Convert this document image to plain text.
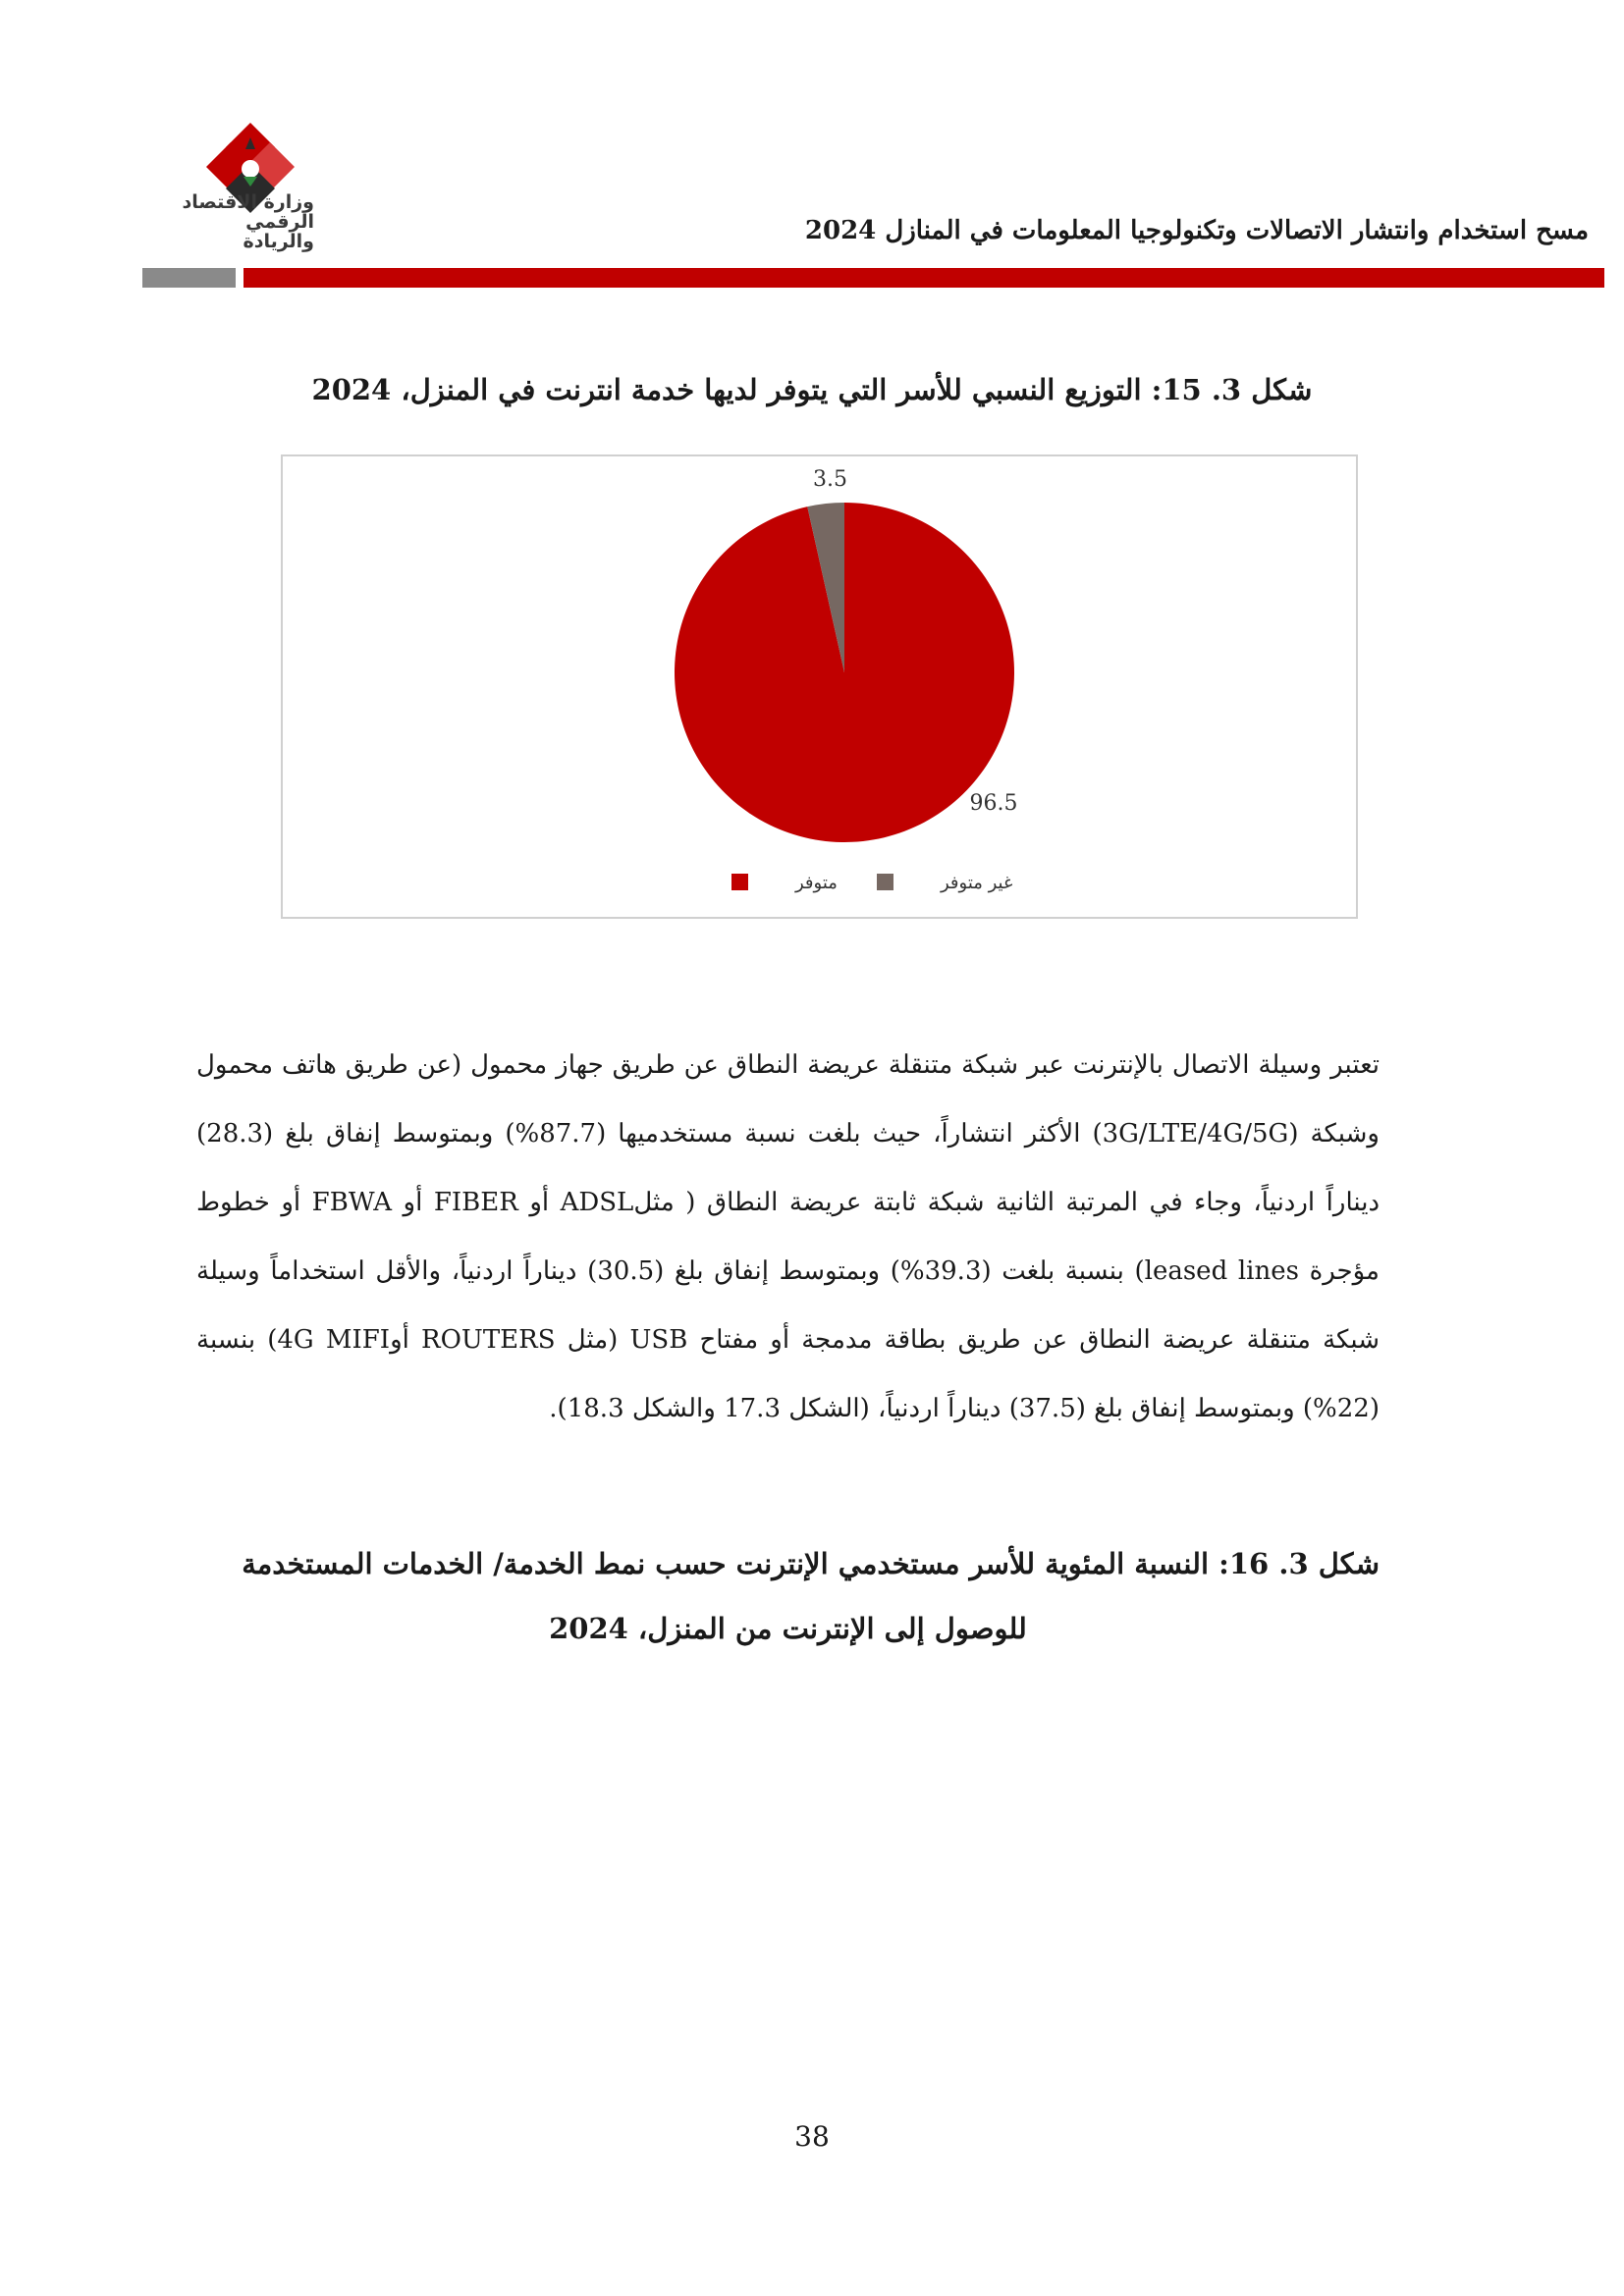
وزارة الاقتصاد
الرقمي والريادة	مسح استخدام وانتشار الاتصالات وتكنولوجيا المعلومات في المنازل 2024
شكل 3. 15: التوزيع النسبي للأسر التي يتوفر لديها خدمة انترنت في المنزل، 2024
96.5
3.5
متوفر	غير متوفر
تعتبر وسيلة الاتصال بالإنترنت عبر شبكة متنقلة عريضة النطاق عن طريق جهاز محمول (عن طريق هاتف محمول وشبكة (3G/LTE/4G/5G) الأكثر انتشاراً، حيث بلغت نسبة مستخدميها (87.7%) وبمتوسط إنفاق بلغ (28.3) ديناراً اردنياً، وجاء في المرتبة الثانية شبكة ثابتة عريضة النطاق ( مثلADSL أو FIBER أو FBWA أو خطوط مؤجرة leased lines) بنسبة بلغت (39.3%) وبمتوسط إنفاق بلغ (30.5) ديناراً اردنياً، والأقل استخداماً وسيلة شبكة متنقلة عريضة النطاق عن طريق بطاقة مدمجة أو مفتاح USB (مثل ROUTERS أو4G MIFI) بنسبة (22%) وبمتوسط إنفاق بلغ (37.5) ديناراً اردنياً، (الشكل 17.3 والشكل 18.3).
شكل 3. 16: النسبة المئوية للأسر مستخدمي الإنترنت حسب نمط الخدمة/ الخدمات المستخدمة
للوصول إلى الإنترنت من المنزل، 2024
38
